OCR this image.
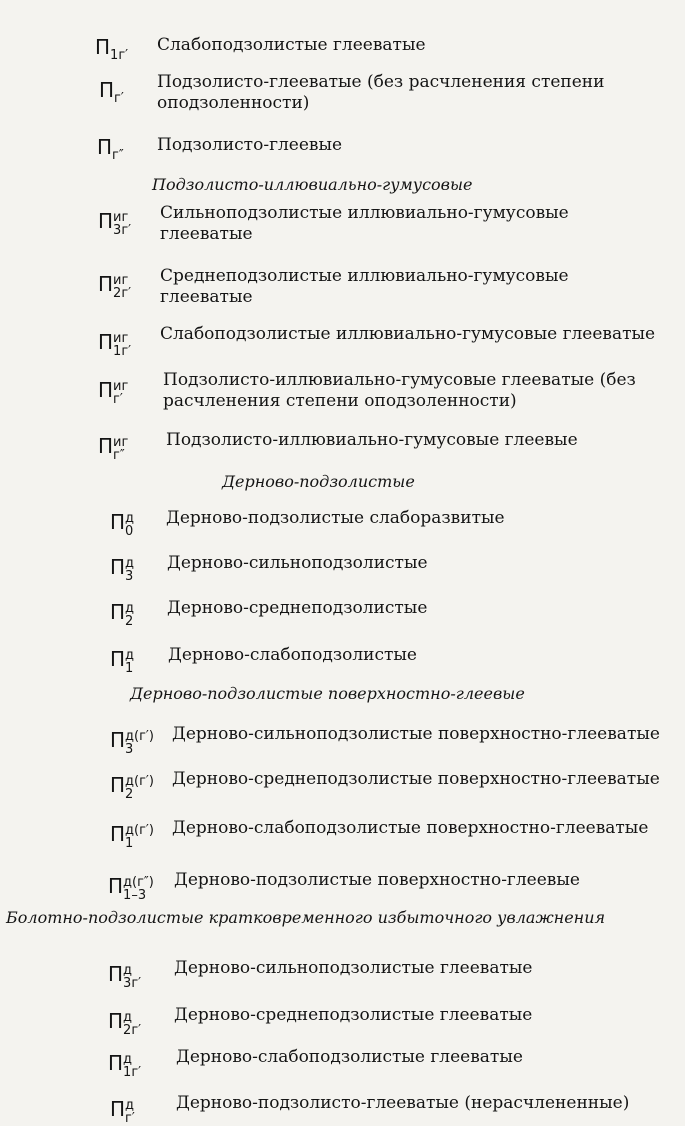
$П_{1г'}$
Слабоподзолистые глееватые
$П_{г'}$
Подзолисто-глееватые (без расчленения степени оподзоленности)
$П_{г''}$
Подзолисто-глеевые
Подзолисто-иллювиально-гумусовые
П иг
3г′
Сильноподзолистые иллювиально-гумусовые глееватые
П иг
2г′
Среднеподзолистые иллювиально-гумусовые глееватые
П иг
1г′
Слабоподзолистые иллювиально-гумусовые глееватые
П иг
г′
Подзолисто-иллювиально-гумусовые глееватые (без расчленения степени оподзоленности)
П иг
г″
Подзолисто-иллювиально-гумусовые глеевые
Дерново-подзолистые
П д
0
Дерново-подзолистые слаборазвитые
П д
3
Дерново-сильноподзолистые
П д
2
Дерново-среднеподзолистые
П д
1
Дерново-слабоподзолистые
Дерново-подзолистые поверхностно-глеевые
П д(г′)
3
Дерново-сильноподзолистые поверхностно-глееватые
П д(г′)
2
Дерново-среднеподзолистые поверхностно-глееватые
П д(г′)
1
Дерново-слабоподзолистые поверхностно-глееватые
П д(г″)
1–3
Дерново-подзолистые поверхностно-глеевые
Болотно-подзолистые кратковременного избыточного увлажнения
П д
3г′
Дерново-сильноподзолистые глееватые
П д
2г′
Дерново-среднеподзолистые глееватые
П д
1г′
Дерново-слабоподзолистые глееватые
П д
г′
Дерново-подзолисто-глееватые (нерасчлененные)
